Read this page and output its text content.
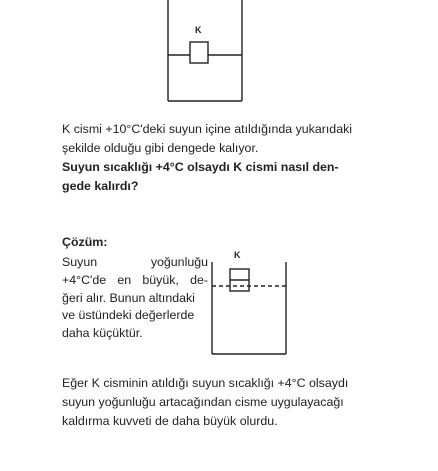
K
K cismi +10°C'deki suyun içine atıldığında yukarıdaki
şekilde olduğu gibi dengede kalıyor.
Suyun sıcaklığı +4°C olsaydı K cismi nasıl den-
gede kalırdı?
Çözüm:
Suyun	yoğunluğu
+4°C'de en büyük, de-
ğeri alır. Bunun altındaki
ve üstündeki değerlerde
daha küçüktür.
K
Eğer K cisminin atıldığı suyun sıcaklığı +4°C olsaydı
suyun yoğunluğu artacağından cisme uygulayacağı
kaldırma kuvveti de daha büyük olurdu.
